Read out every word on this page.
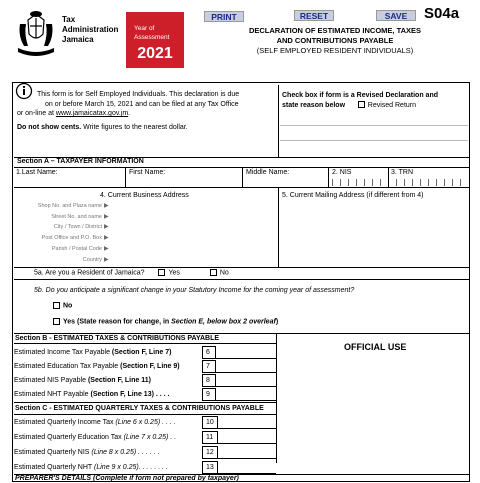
Tax
Administration
Jamaica
Year of
Assessment
2021
PRINT	RESET	SAVE	S04a
DECLARATION OF ESTIMATED INCOME, TAXES
AND CONTRIBUTIONS PAYABLE
(SELF EMPLOYED RESIDENT INDIVIDUALS)
This form is for Self Employed Individuals. This declaration is due
on or before March 15, 2021 and can be filed at any Tax Office
or on-line at www.jamaicatax.gov.jm.
Do not show cents. Write figures to the nearest dollar.
Check box if form is a Revised Declaration and
state reason below	Revised Return
Section A – TAXPAYER INFORMATION
1.Last Name:	First Name:	Middle Name:	2. NIS	3. TRN
4. Current Business Address	5. Current Mailing Address (if different from 4)
Shop No. and Plaza name ▶
Street No. and name ▶
City / Town / District ▶
Post Office and P.O. Box ▶
Parish / Postal Code ▶
Country ▶
5a. Are you a Resident of Jamaica?	Yes	No
5b. Do you anticipate a significant change in your Statutory Income for the coming year of assessment?
No
Yes (State reason for change, in Section E, below box 2 overleaf)
Section B - ESTIMATED TAXES & CONTRIBUTIONS PAYABLE
OFFICIAL USE
Estimated Income Tax Payable (Section F, Line 7)	6
Estimated Education Tax Payable (Section F, Line 9)	7
Estimated NIS Payable (Section F, Line 11)	8
Estimated NHT Payable (Section F, Line 13) . . . .	9
Section C - ESTIMATED QUARTERLY TAXES & CONTRIBUTIONS PAYABLE
Estimated Quarterly Income Tax (Line 6 x 0.25) . . . .	10
Estimated Quarterly Education Tax (Line 7 x 0.25) . .	11
Estimated Quarterly NIS (Line 8 x 0.25) . . . . . .	12
Estimated Quarterly NHT (Line 9 x 0.25). . . . . . . .	13
PREPARER'S DETAILS (Complete if form not prepared by taxpayer)
